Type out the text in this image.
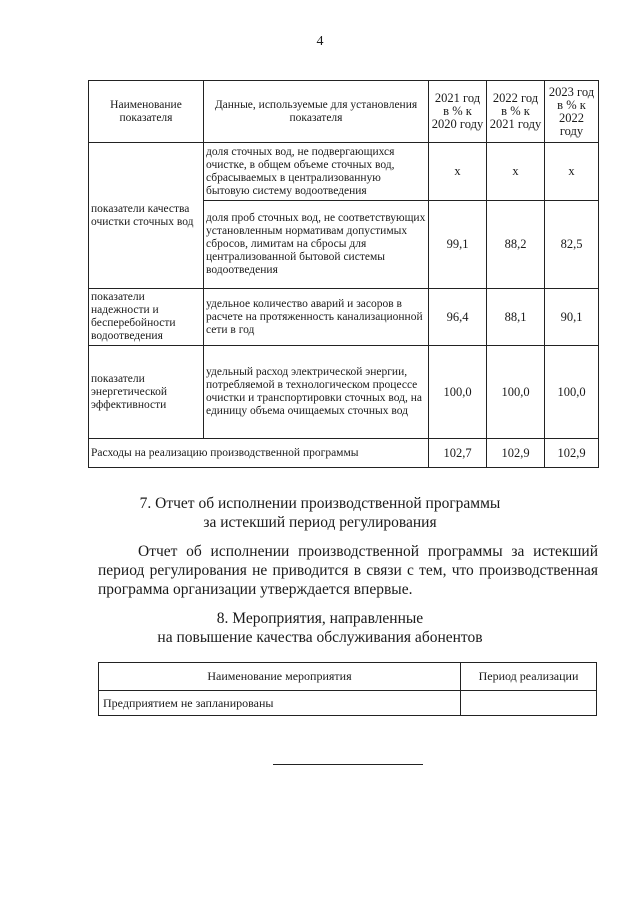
4
Наименование показателя	Данные, используемые для установления показателя	2021 год в % к 2020 году	2022 год в % к 2021 году	2023 год в % к 2022 году
показатели качества очистки сточных вод	доля сточных вод, не подвергающихся очистке, в общем объеме сточных вод, сбрасываемых в централизованную бытовую систему водоотведения	х	х	х
	доля проб сточных вод, не соответствующих установленным нормативам допустимых сбросов, лимитам на сбросы для централизованной бытовой системы водоотведения	99,1	88,2	82,5
показатели надежности и бесперебойности водоотведения	удельное количество аварий и засоров в расчете на протяженность канализационной сети в год	96,4	88,1	90,1
показатели энергетической эффективности	удельный расход электрической энергии, потребляемой в технологическом процессе очистки и транспортировки сточных вод, на единицу объема очищаемых сточных вод	100,0	100,0	100,0
Расходы на реализацию производственной программы		102,7	102,9	102,9
7. Отчет об исполнении производственной программы
за истекший период регулирования
Отчет об исполнении производственной программы за истекший период регулирования не приводится в связи с тем, что производственная программа организации утверждается впервые.
8. Мероприятия, направленные
на повышение качества обслуживания абонентов
Наименование мероприятия	Период реализации
Предприятием не запланированы	
